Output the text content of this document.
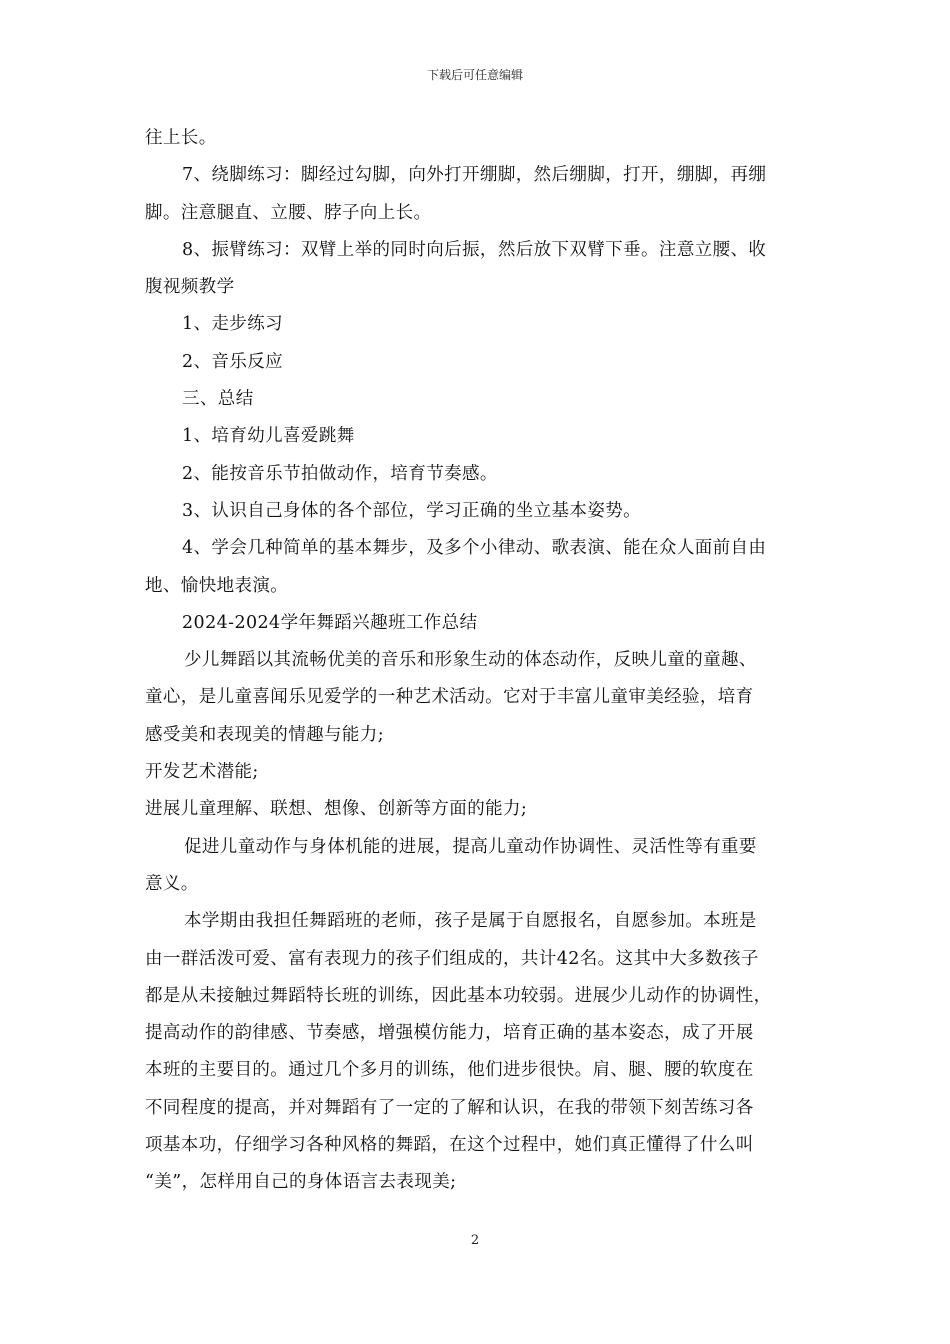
下载后可任意编辑
往上长。
7、绕脚练习：脚经过勾脚，向外打开绷脚，然后绷脚，打开，绷脚，再绷
脚。注意腿直、立腰、脖子向上长。
8、振臂练习：双臂上举的同时向后振，然后放下双臂下垂。注意立腰、收
腹视频教学
1、走步练习
2、音乐反应
三、总结
1、培育幼儿喜爱跳舞
2、能按音乐节拍做动作，培育节奏感。
3、认识自己身体的各个部位，学习正确的坐立基本姿势。
4、学会几种简单的基本舞步，及多个小律动、歌表演、能在众人面前自由
地、愉快地表演。
2024-2024学年舞蹈兴趣班工作总结
少儿舞蹈以其流畅优美的音乐和形象生动的体态动作，反映儿童的童趣、
童心，是儿童喜闻乐见爱学的一种艺术活动。它对于丰富儿童审美经验，培育
感受美和表现美的情趣与能力;
开发艺术潜能;
进展儿童理解、联想、想像、创新等方面的能力;
促进儿童动作与身体机能的进展，提高儿童动作协调性、灵活性等有重要
意义。
本学期由我担任舞蹈班的老师，孩子是属于自愿报名，自愿参加。本班是
由一群活泼可爱、富有表现力的孩子们组成的，共计42名。这其中大多数孩子
都是从未接触过舞蹈特长班的训练，因此基本功较弱。进展少儿动作的协调性，
提高动作的韵律感、节奏感，增强模仿能力，培育正确的基本姿态，成了开展
本班的主要目的。通过几个多月的训练，他们进步很快。肩、腿、腰的软度在
不同程度的提高，并对舞蹈有了一定的了解和认识，在我的带领下刻苦练习各
项基本功，仔细学习各种风格的舞蹈，在这个过程中，她们真正懂得了什么叫
“美”，怎样用自己的身体语言去表现美;
2
